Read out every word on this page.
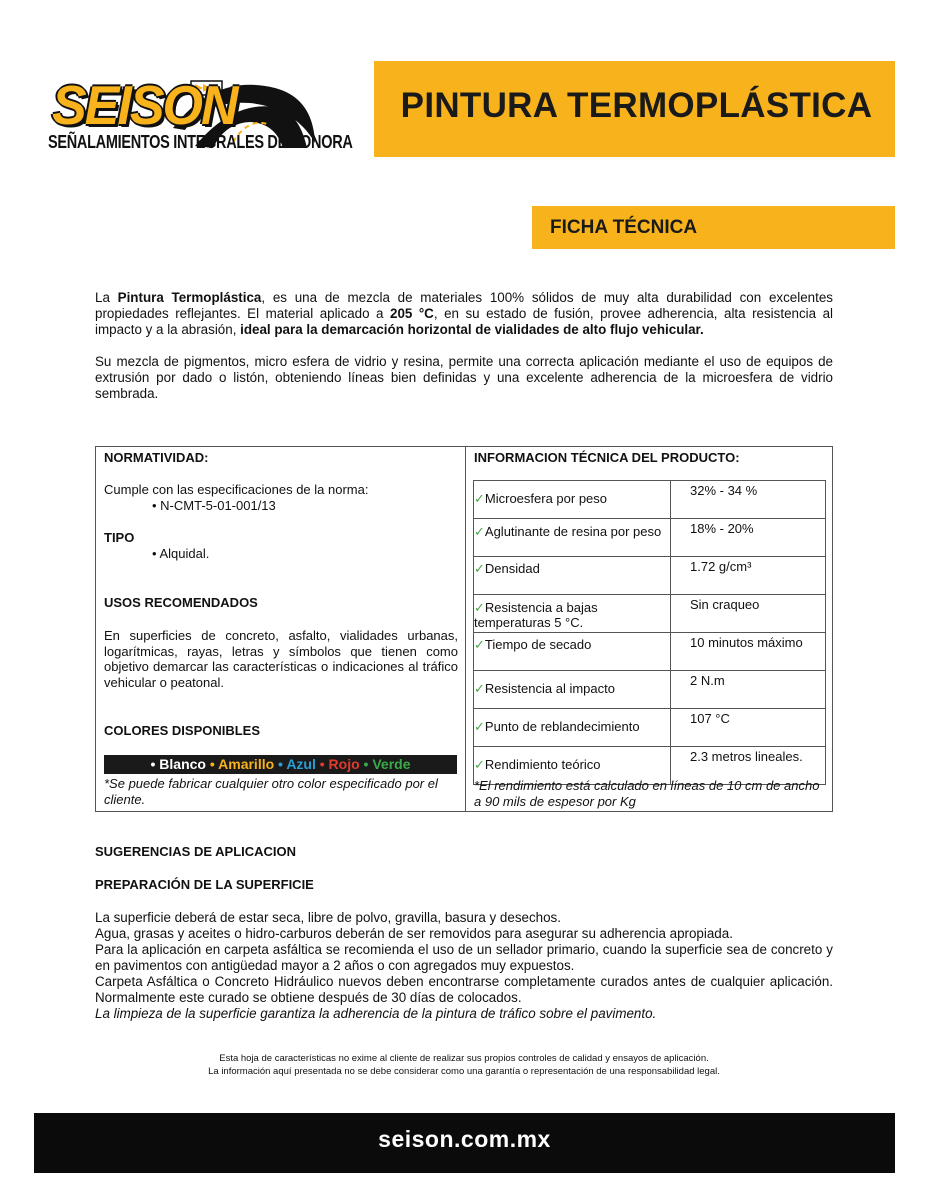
SEISON
SEÑALAMIENTOS INTEGRALES DE SONORA
PINTURA TERMOPLÁSTICA
FICHA TÉCNICA
La Pintura Termoplástica, es una de mezcla de materiales 100% sólidos de muy alta durabilidad con excelentes propiedades reflejantes. El material aplicado a 205 °C, en su estado de fusión, provee adherencia, alta resistencia al impacto y a la abrasión, ideal para la demarcación horizontal de vialidades de alto flujo vehicular.
Su mezcla de pigmentos, micro esfera de vidrio y resina, permite una correcta aplicación mediante el uso de equipos de extrusión por dado o listón, obteniendo líneas bien definidas y una excelente adherencia de la microesfera de vidrio sembrada.
NORMATIVIDAD:
Cumple con las especificaciones de la norma:
• N-CMT-5-01-001/13
TIPO
• Alquidal.
USOS RECOMENDADOS
En superficies de concreto, asfalto, vialidades urbanas, logarítmicas, rayas, letras y símbolos que tienen como objetivo demarcar las características o indicaciones al tráfico vehicular o peatonal.
COLORES DISPONIBLES
• Blanco • Amarillo • Azul • Rojo • Verde
*Se puede fabricar cualquier otro color especificado por el cliente.
INFORMACION TÉCNICA DEL PRODUCTO:
✓Microesfera por peso	32% - 34 %

✓Aglutinante de resina por peso	18% - 20%

✓Densidad	1.72 g/cm³

✓Resistencia a bajas temperaturas 5 °C.	Sin craqueo

✓Tiempo de secado	10 minutos máximo

✓Resistencia al impacto	2 N.m

✓Punto de reblandecimiento	107 °C

✓Rendimiento teórico	2.3 metros lineales.
*El rendimiento está calculado en líneas de 10 cm de ancho a 90 mils de espesor por Kg
SUGERENCIAS DE APLICACION
PREPARACIÓN DE LA SUPERFICIE
La superficie deberá de estar seca, libre de polvo, gravilla, basura y desechos.
Agua, grasas y aceites o hidro-carburos deberán de ser removidos para asegurar su adherencia apropiada.
Para la aplicación en carpeta asfáltica se recomienda el uso de un sellador primario, cuando la superficie sea de concreto y en pavimentos con antigüedad mayor a 2 años o con agregados muy expuestos.
Carpeta Asfáltica o Concreto Hidráulico nuevos deben encontrarse completamente curados antes de cualquier aplicación. Normalmente este curado se obtiene después de 30 días de colocados.
La limpieza de la superficie garantiza la adherencia de la pintura de tráfico sobre el pavimento.
Esta hoja de características no exime al cliente de realizar sus propios controles de calidad y ensayos de aplicación.
La información aquí presentada no se debe considerar como una garantía o representación de una responsabilidad legal.
seison.com.mx
